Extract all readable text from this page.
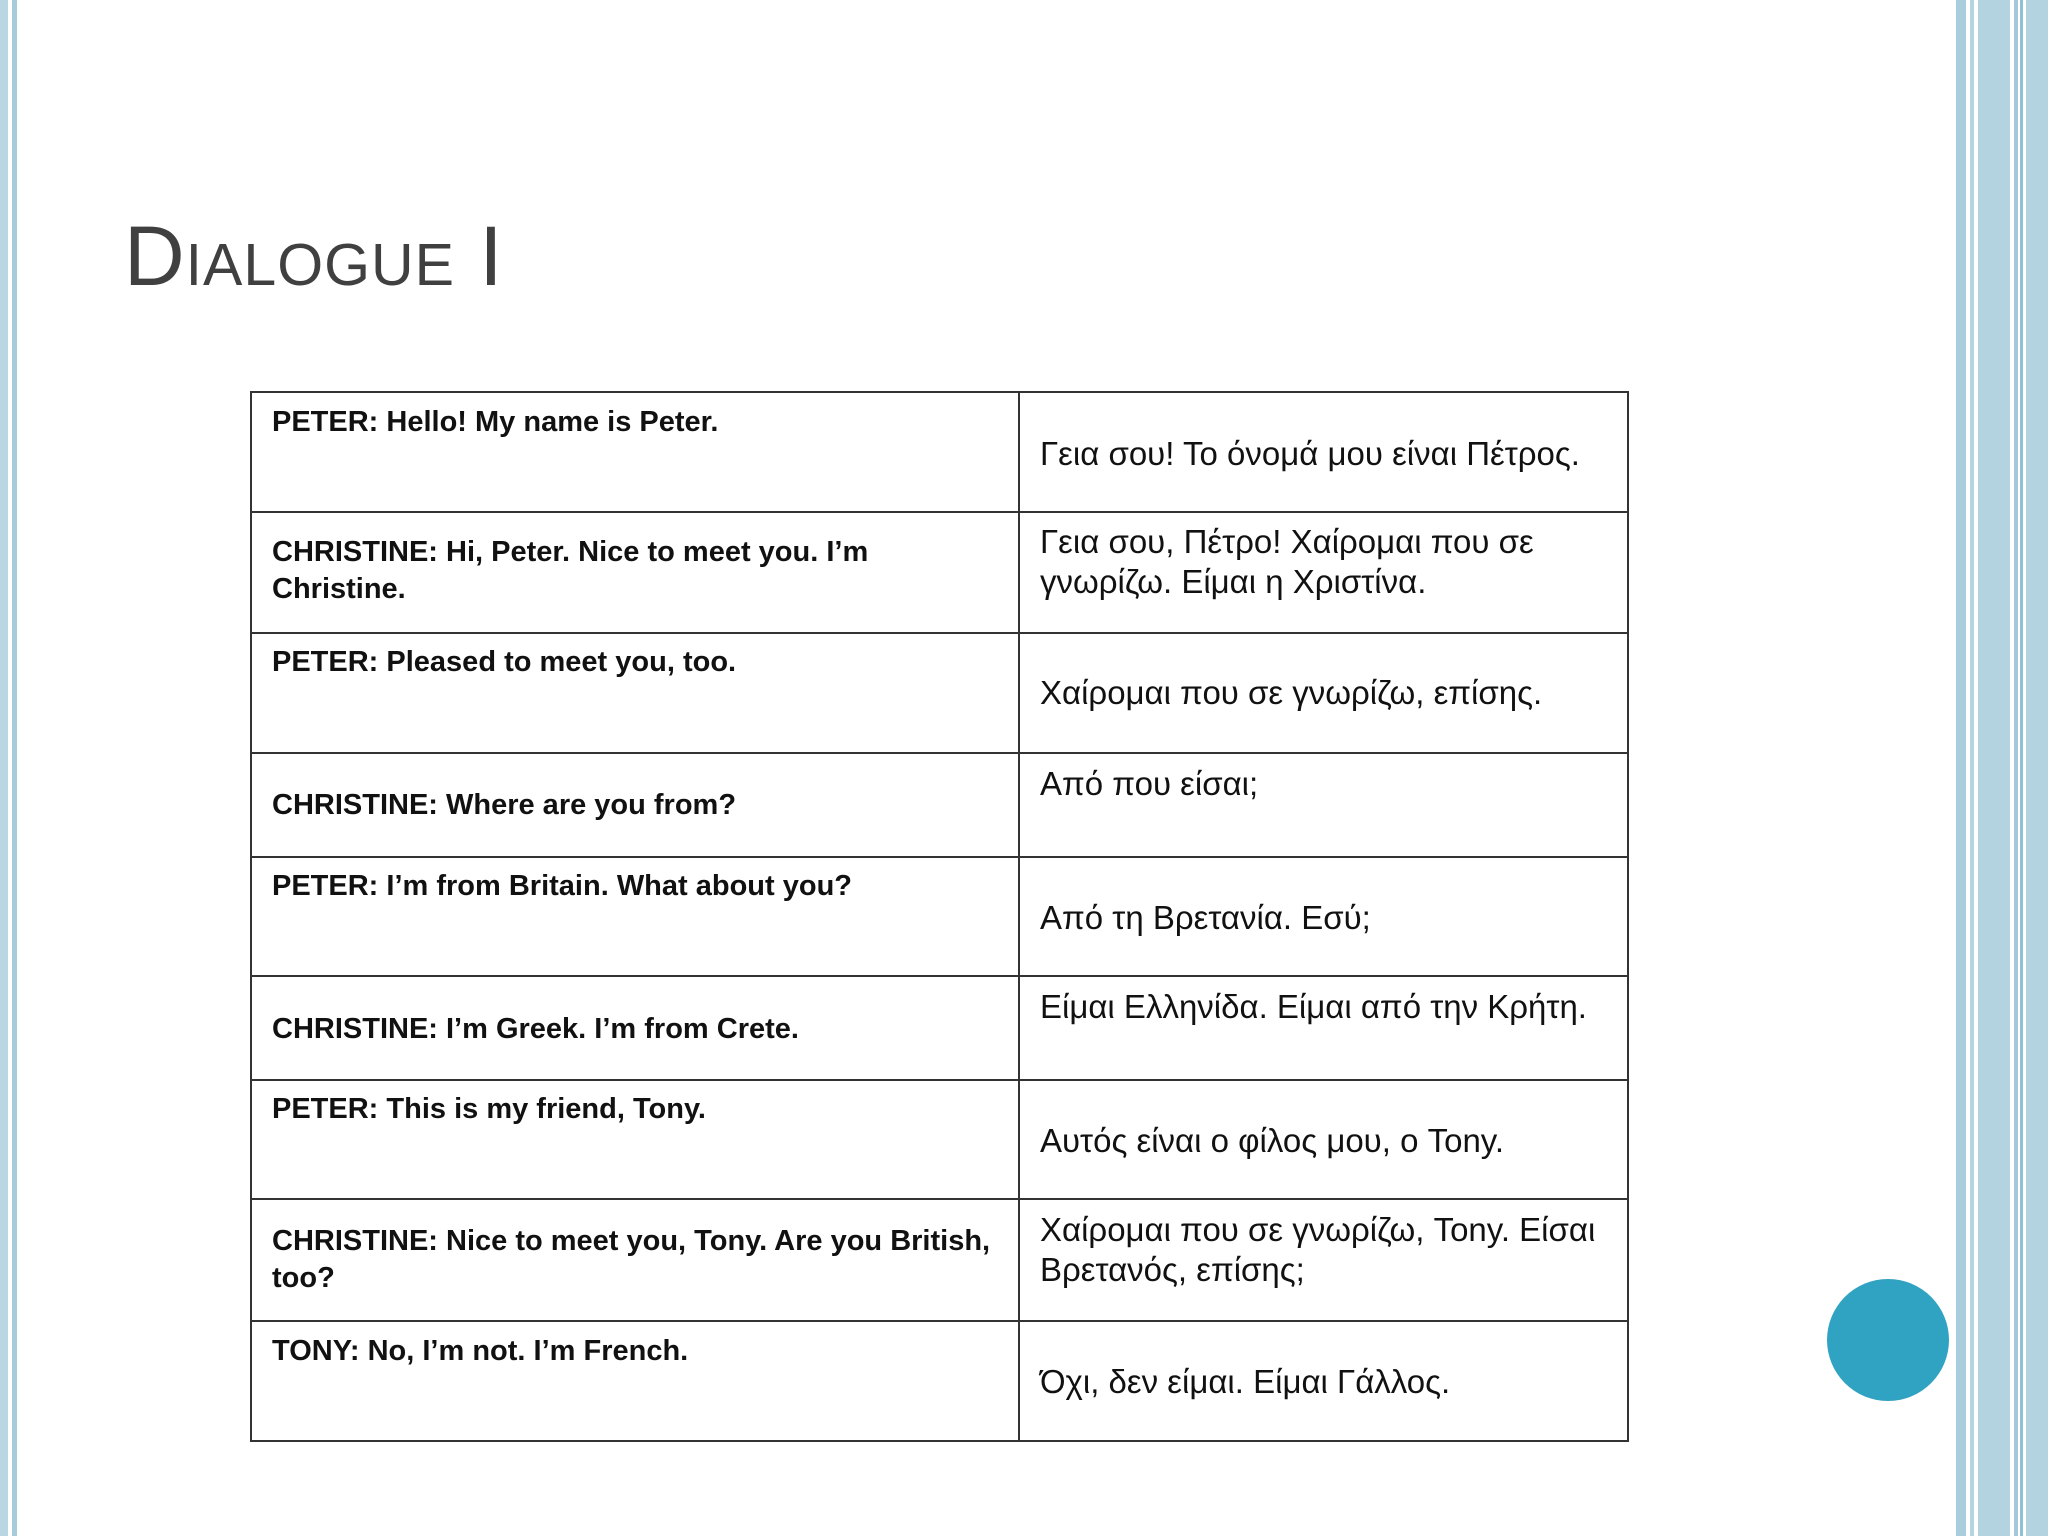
Dialogue I
PETER: Hello! My name is Peter.	Γεια σου! Το όνομά μου είναι Πέτρος.

CHRISTINE: Hi, Peter. Nice to meet you. I’m Christine.	Γεια σου, Πέτρο! Χαίρομαι που σε γνωρίζω. Είμαι η Χριστίνα.

PETER: Pleased to meet you, too.	Χαίρομαι που σε γνωρίζω, επίσης.

CHRISTINE: Where are you from?	Από που είσαι;

PETER: I’m from Britain. What about you?	Από τη Βρετανία. Εσύ;

CHRISTINE: I’m Greek. I’m from Crete.	Είμαι Ελληνίδα. Είμαι από την Κρήτη.

PETER: This is my friend, Tony.	Αυτός είναι ο φίλος μου, ο Tony.

CHRISTINE: Nice to meet you, Tony. Are you British, too?	Χαίρομαι που σε γνωρίζω, Tony. Είσαι Βρετανός, επίσης;

TONY: No, I’m not. I’m French.	Όχι, δεν είμαι. Είμαι Γάλλος.
